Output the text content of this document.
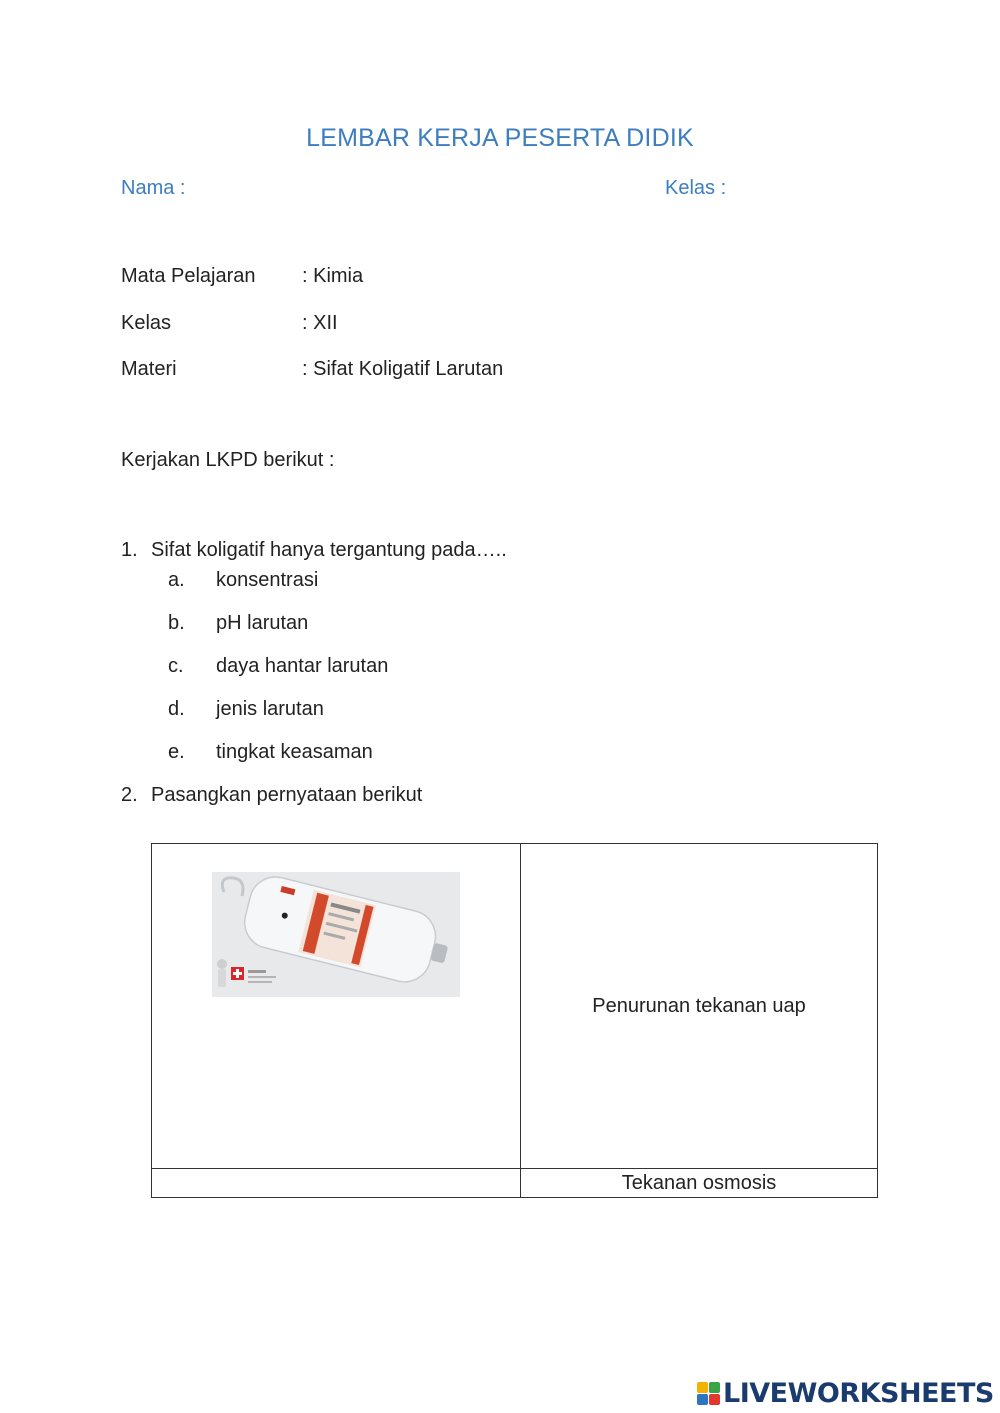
LEMBAR KERJA PESERTA DIDIK
Nama :	Kelas :
Mata Pelajaran : Kimia
Kelas	: XII
Materi	: Sifat Koligatif Larutan
Kerjakan LKPD berikut :
1. Sifat koligatif hanya tergantung pada…..
a. konsentrasi
b. pH larutan
c. daya hantar larutan
d. jenis larutan
e. tingkat keasaman
2. Pasangkan pernyataan berikut
	Penurunan tekanan uap
	Tekanan osmosis
LIVEWORKSHEETS
